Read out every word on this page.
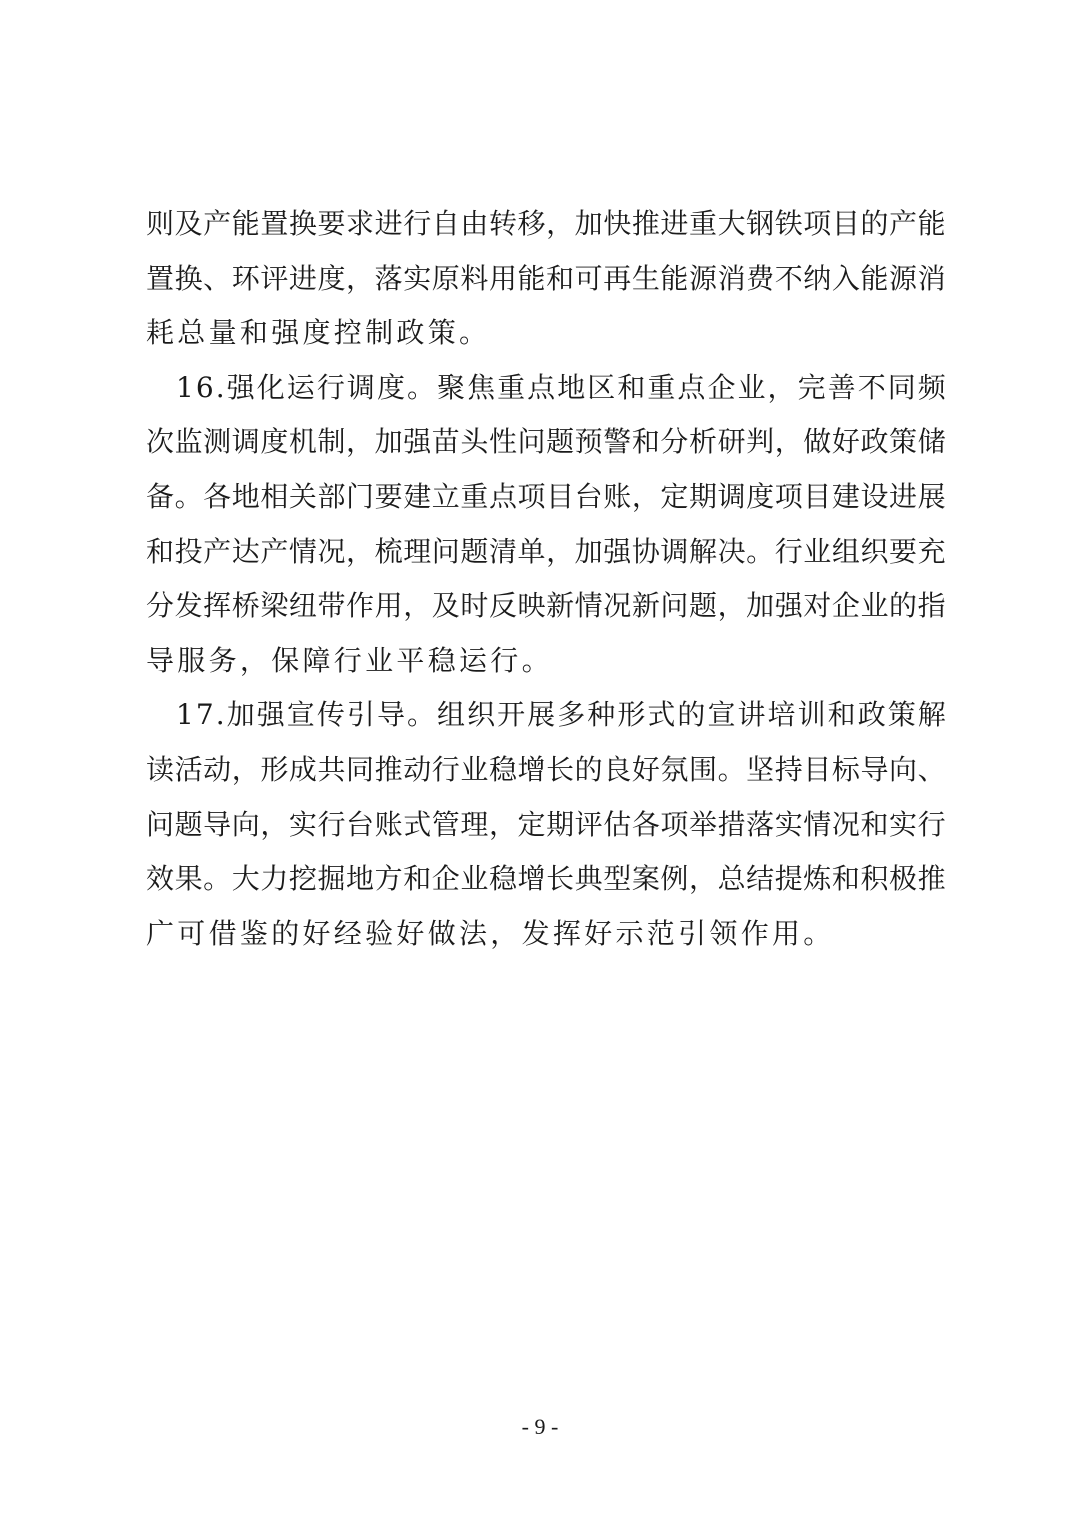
则 及 产 能 置 换 要 求 进 行 自 由 转 移 ， 加 快 推 进 重 大 钢 铁 项 目 的 产 能
置 换 、 环 评 进 度 ， 落 实 原 料 用 能 和 可 再 生 能 源 消 费 不 纳 入 能 源 消
耗总量和强度控制政策。

1 6 . 强 化 运 行 调 度 。 聚 焦 重 点 地 区 和 重 点 企 业 ， 完 善 不 同 频
次 监 测 调 度 机 制 ， 加 强 苗 头 性 问 题 预 警 和 分 析 研 判 ， 做 好 政 策 储
备 。 各 地 相 关 部 门 要 建 立 重 点 项 目 台 账 ， 定 期 调 度 项 目 建 设 进 展
和 投 产 达 产 情 况 ， 梳 理 问 题 清 单 ， 加 强 协 调 解 决 。 行 业 组 织 要 充
分 发 挥 桥 梁 纽 带 作 用 ， 及 时 反 映 新 情 况 新 问 题 ， 加 强 对 企 业 的 指
导服务，保障行业平稳运行。

1 7 . 加 强 宣 传 引 导 。 组 织 开 展 多 种 形 式 的 宣 讲 培 训 和 政 策 解
读 活 动 ， 形 成 共 同 推 动 行 业 稳 增 长 的 良 好 氛 围 。 坚 持 目 标 导 向 、
问 题 导 向 ， 实 行 台 账 式 管 理 ， 定 期 评 估 各 项 举 措 落 实 情 况 和 实 行
效 果 。 大 力 挖 掘 地 方 和 企 业 稳 增 长 典 型 案 例 ， 总 结 提 炼 和 积 极 推
广可借鉴的好经验好做法，发挥好示范引领作用。
- 9 -
